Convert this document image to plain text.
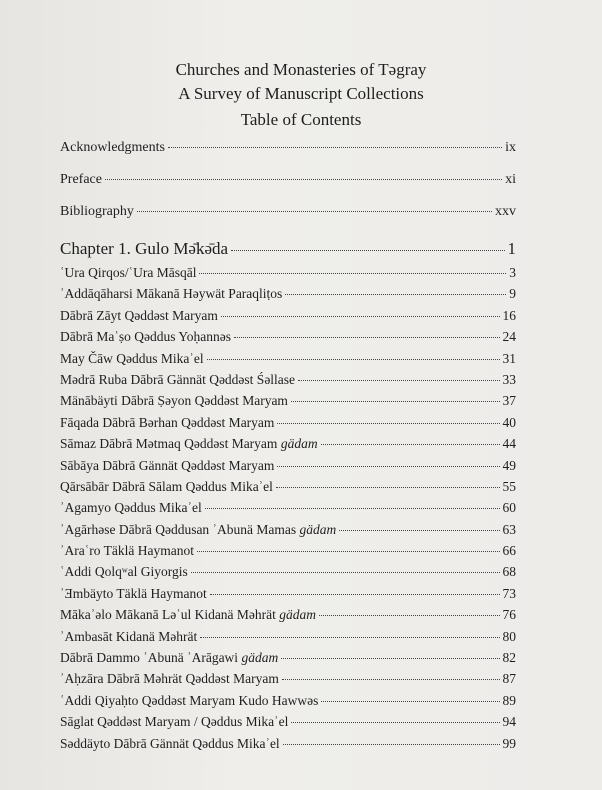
Churches and Monasteries of Təgray
A Survey of Manuscript Collections
Table of Contents
Acknowledgments	ix
Preface	xi
Bibliography	xxv
Chapter 1. Gulo Mǝ̄kǝ̄da	1
ʿUra Qirqos/ʿUra Māsqāl	3
ʾAddāqāharsi Mākanā Həywät Paraqliṭos	9
Dābrā Zāyt Qəddəst Maryam	16
Dābrā Maʿṣo Qəddus Yoḥannəs	24
May Čāw Qəddus Mikaʾel	31
Mədrā Ruba Dābrā Gännät Qəddəst Śəllase	33
Mänābäyti Dābrā Ṣəyon Qəddəst Maryam	37
Fāqada Dābrā Bərhan Qəddəst Maryam	40
Sāmaz Dābrā Mətmaq Qəddəst Maryam gädam	44
Sābāya Dābrā Gännät Qəddəst Maryam	49
Qārsābār Dābrā Sālam Qəddus Mikaʾel	55
ʾAgamyo Qəddus Mikaʾel	60
ʾAgārhəse Dābrā Qəddusan ʾAbunä Mamas gädam	63
ʾAraʿro Täklä Haymanot	66
ʿAddi Qolqʷal Giyorgis	68
ʾƎmbäyto Täklä Haymanot	73
Mākaʾəlo Mākanā Ləʿul Kidanä Məhrät gädam	76
ʾAmbasāt Kidanä Məhrät	80
Dābrā Dammo ʾAbunä ʾArāgawi gädam	82
ʾAḥzāra Dābrā Məhrät Qəddəst Maryam	87
ʿAddi Qiyaḥto Qəddəst Maryam Kudo Hawwəs	89
Sāglat Qəddəst Maryam / Qəddus Mikaʾel	94
Səddäyto Dābrā Gännät Qəddus Mikaʾel	99
